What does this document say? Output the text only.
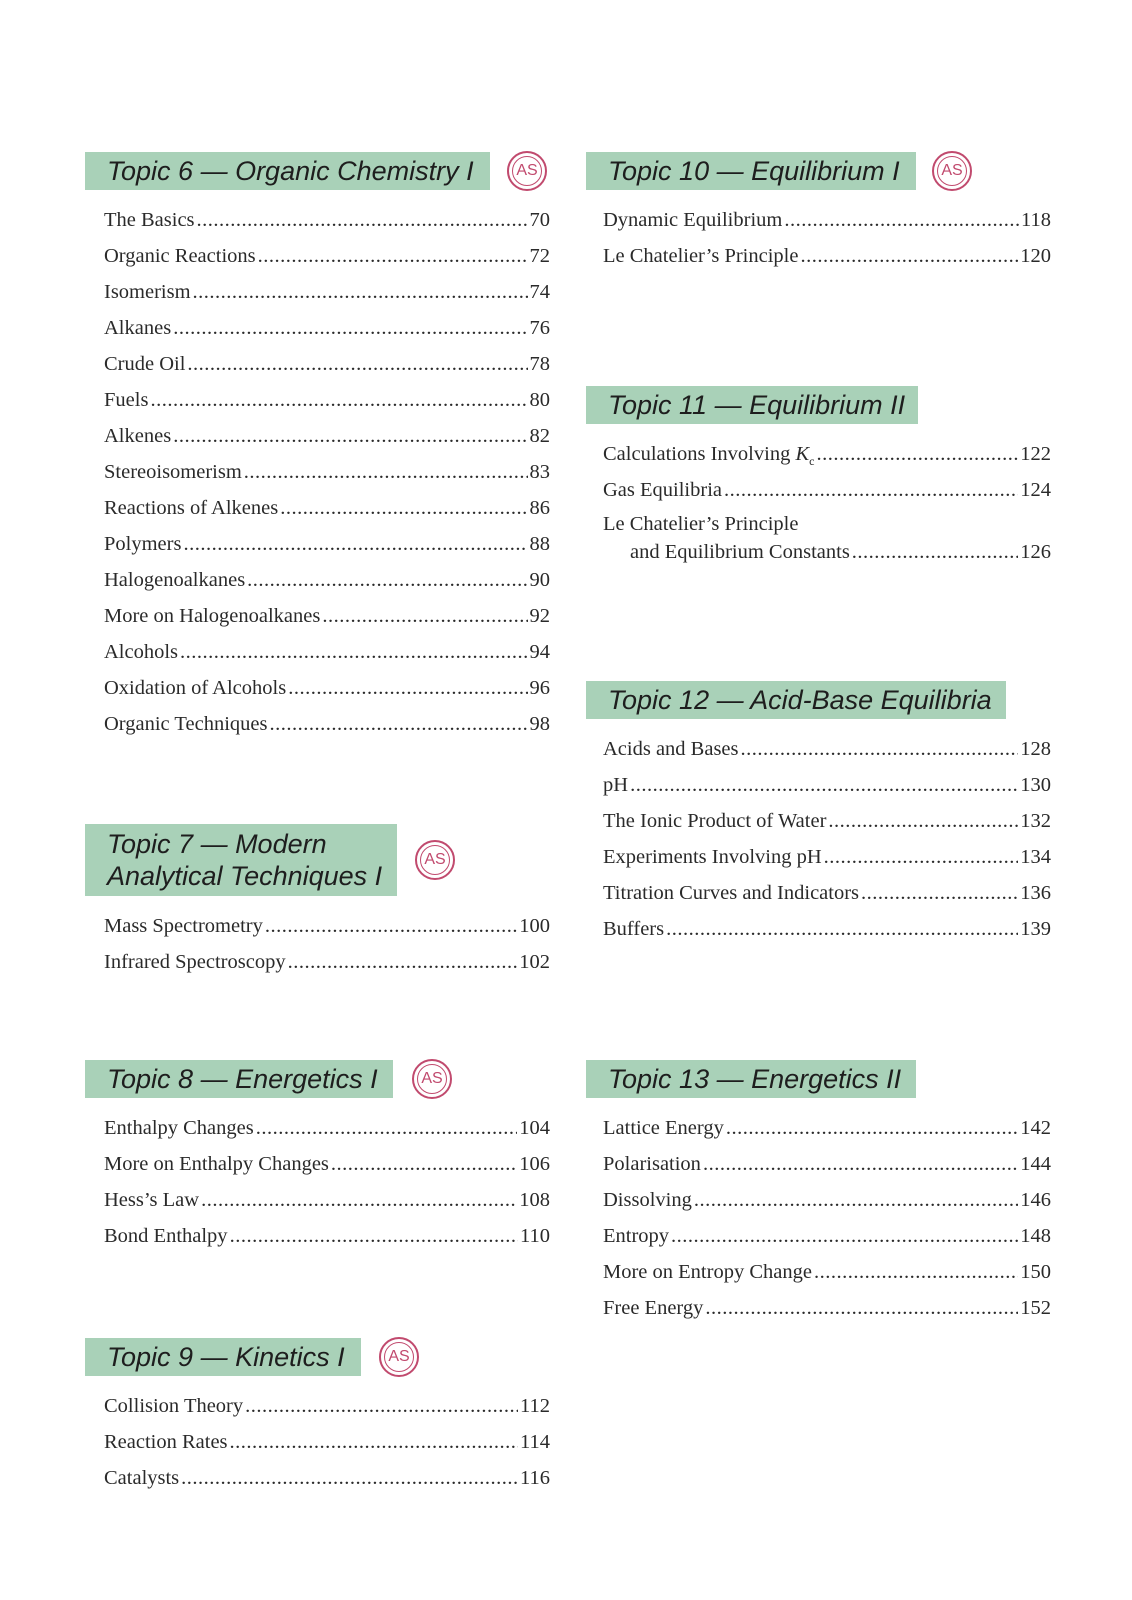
Topic 6 — Organic Chemistry I	AS
The Basics .....	70
Organic Reactions .....	72
Isomerism .....	74
Alkanes .....	76
Crude Oil .....	78
Fuels .....	80
Alkenes .....	82
Stereoisomerism .....	83
Reactions of Alkenes .....	86
Polymers .....	88
Halogenoalkanes .....	90
More on Halogenoalkanes .....	92
Alcohols .....	94
Oxidation of Alcohols .....	96
Organic Techniques .....	98
Topic 7 — Modern
Analytical Techniques I
AS
Mass Spectrometry .....	100
Infrared Spectroscopy .....	102
Topic 8 — Energetics I	AS
Enthalpy Changes .....	104
More on Enthalpy Changes .....	106
Hess’s Law .....	108
Bond Enthalpy .....	110
Topic 9 — Kinetics I	AS
Collision Theory .....	112
Reaction Rates .....	114
Catalysts .....	116
Topic 10 — Equilibrium I	AS
Dynamic Equilibrium .....	118
Le Chatelier’s Principle .....	120
Topic 11 — Equilibrium II
Calculations Involving $K_c$ .....	122
Gas Equilibria .....	124
Le Chatelier’s Principle
and Equilibrium Constants .....	126
Topic 12 — Acid-Base Equilibria
Acids and Bases .....	128
pH .....	130
The Ionic Product of Water .....	132
Experiments Involving pH .....	134
Titration Curves and Indicators .....	136
Buffers .....	139
Topic 13 — Energetics II
Lattice Energy .....	142
Polarisation .....	144
Dissolving .....	146
Entropy .....	148
More on Entropy Change .....	150
Free Energy .....	152
